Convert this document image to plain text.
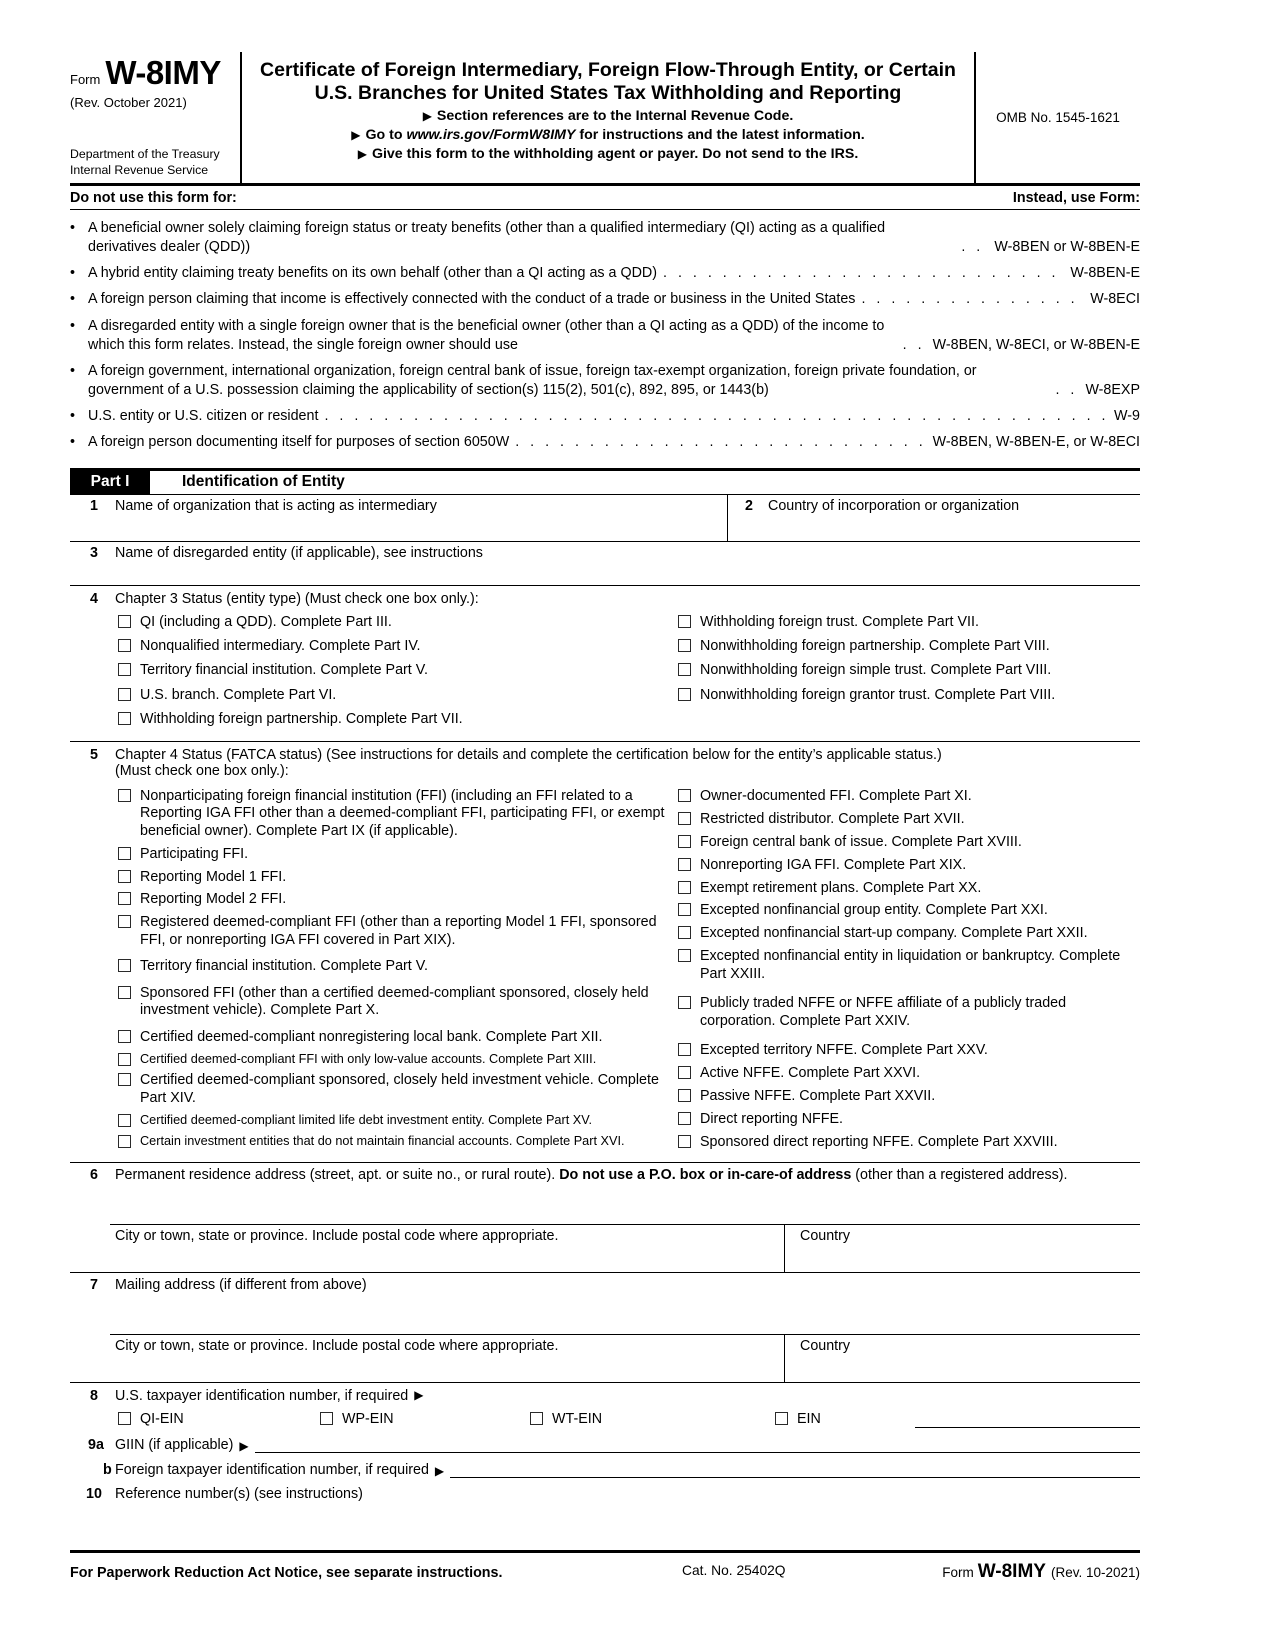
Form W-8IMY
(Rev. October 2021)
Department of the Treasury
Internal Revenue Service
Certificate of Foreign Intermediary, Foreign Flow-Through Entity, or Certain
U.S. Branches for United States Tax Withholding and Reporting
▶ Section references are to the Internal Revenue Code.
▶ Go to www.irs.gov/FormW8IMY for instructions and the latest information.
▶ Give this form to the withholding agent or payer. Do not send to the IRS.
OMB No. 1545-1621
Do not use this form for:	Instead, use Form:
• A beneficial owner solely claiming foreign status or treaty benefits (other than a qualified intermediary (QI) acting as a qualified derivatives dealer (QDD)) . . .	W-8BEN or W-8BEN-E
• A hybrid entity claiming treaty benefits on its own behalf (other than a QI acting as a QDD) . . .	W-8BEN-E
• A foreign person claiming that income is effectively connected with the conduct of a trade or business in the United States . . .	W-8ECI
• A disregarded entity with a single foreign owner that is the beneficial owner (other than a QI acting as a QDD) of the income to which this form relates. Instead, the single foreign owner should use . . .	W-8BEN, W-8ECI, or W-8BEN-E
• A foreign government, international organization, foreign central bank of issue, foreign tax-exempt organization, foreign private foundation, or government of a U.S. possession claiming the applicability of section(s) 115(2), 501(c), 892, 895, or 1443(b) . . .	W-8EXP
• U.S. entity or U.S. citizen or resident . . .	W-9
• A foreign person documenting itself for purposes of section 6050W . . .	W-8BEN, W-8BEN-E, or W-8ECI
Part I	Identification of Entity
1	Name of organization that is acting as intermediary	2	Country of incorporation or organization
3	Name of disregarded entity (if applicable), see instructions
4	Chapter 3 Status (entity type) (Must check one box only.):
QI (including a QDD). Complete Part III.
Nonqualified intermediary. Complete Part IV.
Territory financial institution. Complete Part V.
U.S. branch. Complete Part VI.
Withholding foreign partnership. Complete Part VII.
Withholding foreign trust. Complete Part VII.
Nonwithholding foreign partnership. Complete Part VIII.
Nonwithholding foreign simple trust. Complete Part VIII.
Nonwithholding foreign grantor trust. Complete Part VIII.
5	Chapter 4 Status (FATCA status) (See instructions for details and complete the certification below for the entity’s applicable status.)
(Must check one box only.):
Nonparticipating foreign financial institution (FFI) (including an FFI related to a Reporting IGA FFI other than a deemed-compliant FFI, participating FFI, or exempt beneficial owner). Complete Part IX (if applicable).
Participating FFI.
Reporting Model 1 FFI.
Reporting Model 2 FFI.
Registered deemed-compliant FFI (other than a reporting Model 1 FFI, sponsored FFI, or nonreporting IGA FFI covered in Part XIX).
Territory financial institution. Complete Part V.
Sponsored FFI (other than a certified deemed-compliant sponsored, closely held investment vehicle). Complete Part X.
Certified deemed-compliant nonregistering local bank. Complete Part XII.
Certified deemed-compliant FFI with only low-value accounts. Complete Part XIII.
Certified deemed-compliant sponsored, closely held investment vehicle. Complete Part XIV.
Certified deemed-compliant limited life debt investment entity. Complete Part XV.
Certain investment entities that do not maintain financial accounts. Complete Part XVI.
Owner-documented FFI. Complete Part XI.
Restricted distributor. Complete Part XVII.
Foreign central bank of issue. Complete Part XVIII.
Nonreporting IGA FFI. Complete Part XIX.
Exempt retirement plans. Complete Part XX.
Excepted nonfinancial group entity. Complete Part XXI.
Excepted nonfinancial start-up company. Complete Part XXII.
Excepted nonfinancial entity in liquidation or bankruptcy. Complete Part XXIII.
Publicly traded NFFE or NFFE affiliate of a publicly traded corporation. Complete Part XXIV.
Excepted territory NFFE. Complete Part XXV.
Active NFFE. Complete Part XXVI.
Passive NFFE. Complete Part XXVII.
Direct reporting NFFE.
Sponsored direct reporting NFFE. Complete Part XXVIII.
6	Permanent residence address (street, apt. or suite no., or rural route). Do not use a P.O. box or in-care-of address (other than a registered address).
City or town, state or province. Include postal code where appropriate.	Country
7	Mailing address (if different from above)
City or town, state or province. Include postal code where appropriate.	Country
8	U.S. taxpayer identification number, if required ▶
QI-EIN	WP-EIN	WT-EIN	EIN
9a GIIN (if applicable) ▶
b Foreign taxpayer identification number, if required ▶
10 Reference number(s) (see instructions)
For Paperwork Reduction Act Notice, see separate instructions.	Cat. No. 25402Q	Form W-8IMY (Rev. 10-2021)
